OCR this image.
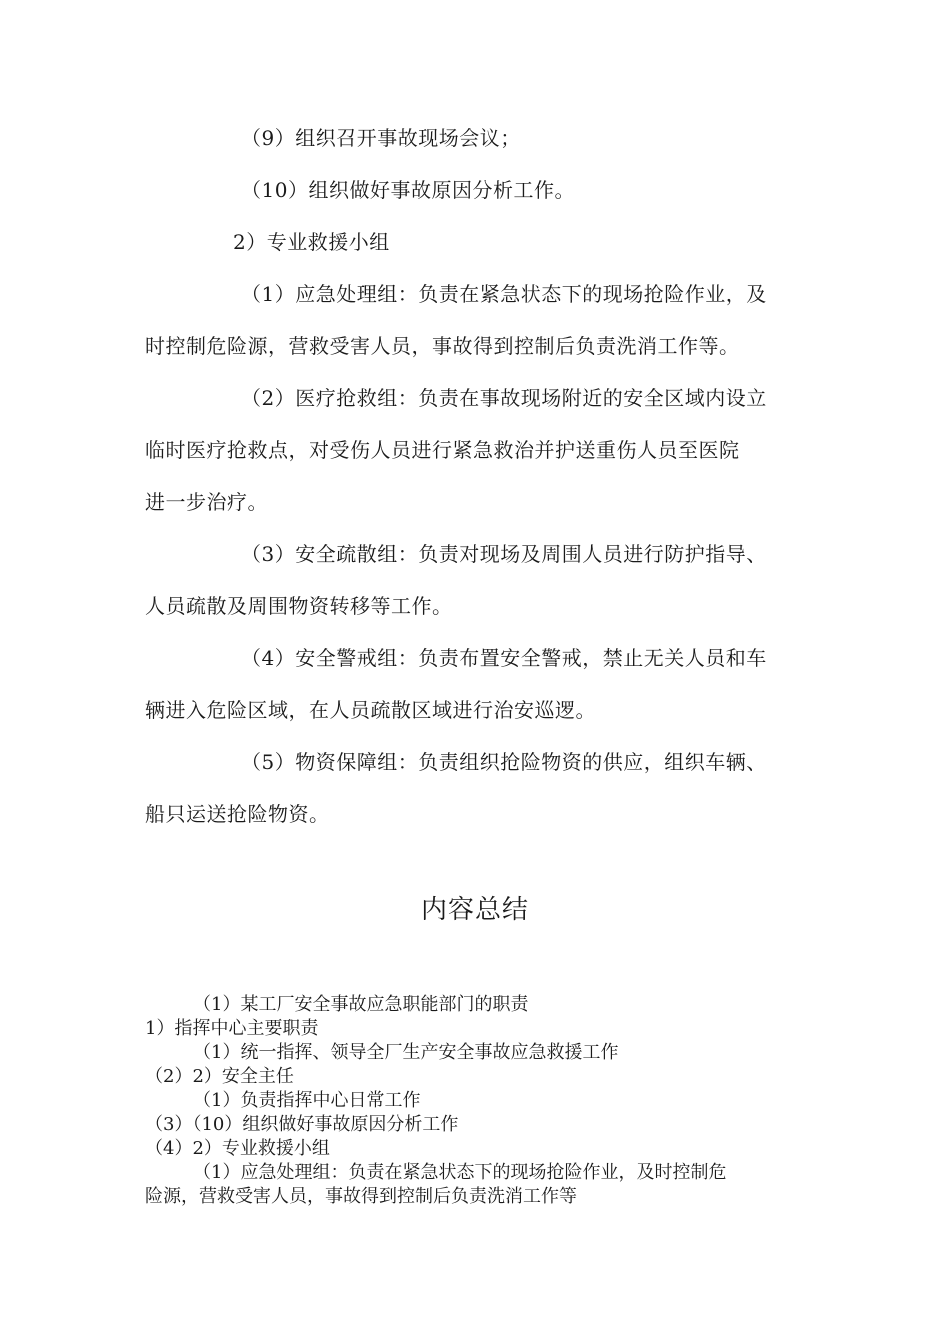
（9）组织召开事故现场会议；
（10）组织做好事故原因分析工作。
2）专业救援小组
（1）应急处理组：负责在紧急状态下的现场抢险作业，及
时控制危险源，营救受害人员，事故得到控制后负责洗消工作等。
（2）医疗抢救组：负责在事故现场附近的安全区域内设立
临时医疗抢救点，对受伤人员进行紧急救治并护送重伤人员至医院
进一步治疗。
（3）安全疏散组：负责对现场及周围人员进行防护指导、
人员疏散及周围物资转移等工作。
（4）安全警戒组：负责布置安全警戒，禁止无关人员和车
辆进入危险区域，在人员疏散区域进行治安巡逻。
（5）物资保障组：负责组织抢险物资的供应，组织车辆、
船只运送抢险物资。
内容总结
（1）某工厂安全事故应急职能部门的职责
1）指挥中心主要职责
（1）统一指挥、领导全厂生产安全事故应急救援工作
（2）2）安全主任
（1）负责指挥中心日常工作
（3）（10）组织做好事故原因分析工作
（4）2）专业救援小组
（1）应急处理组：负责在紧急状态下的现场抢险作业，及时控制危
险源，营救受害人员，事故得到控制后负责洗消工作等
